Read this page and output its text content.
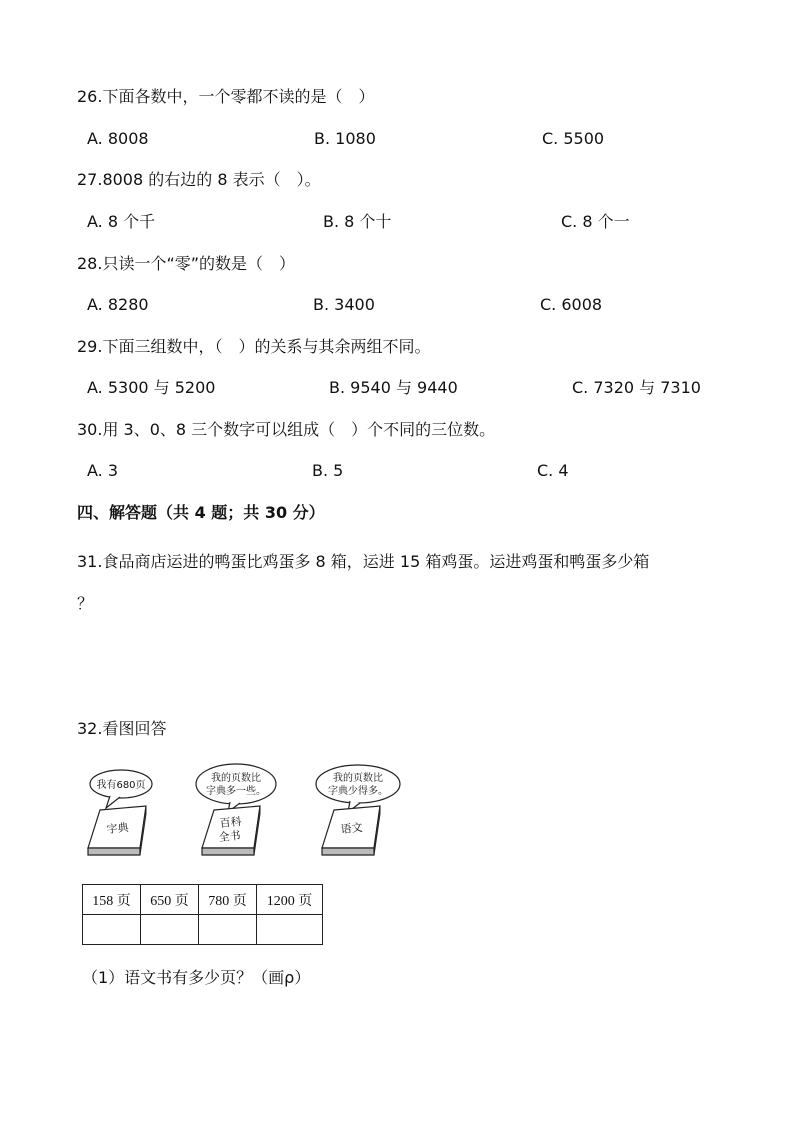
26.下面各数中，一个零都不读的是（　）
A. 8008	B. 1080	C. 5500
27.8008 的右边的 8 表示（　）。
A. 8 个千	B. 8 个十	C. 8 个一
28.只读一个“零”的数是（　）
A. 8280	B. 3400	C. 6008
29.下面三组数中，（　）的关系与其余两组不同。
A. 5300 与 5200	B. 9540 与 9440	C. 7320 与 7310
30.用 3、0、8 三个数字可以组成（　）个不同的三位数。
A. 3	B. 5	C. 4
四、解答题（共 4 题；共 30 分）
31.食品商店运进的鸭蛋比鸡蛋多 8 箱，运进 15 箱鸡蛋。运进鸡蛋和鸭蛋多少箱
？
32.看图回答
我有680页
字典
我的页数比
字典多一些。
百科
全书
我的页数比
字典少得多。
语文
158 页	650 页	780 页	1200 页

（1）语文书有多少页？（画ρ）
